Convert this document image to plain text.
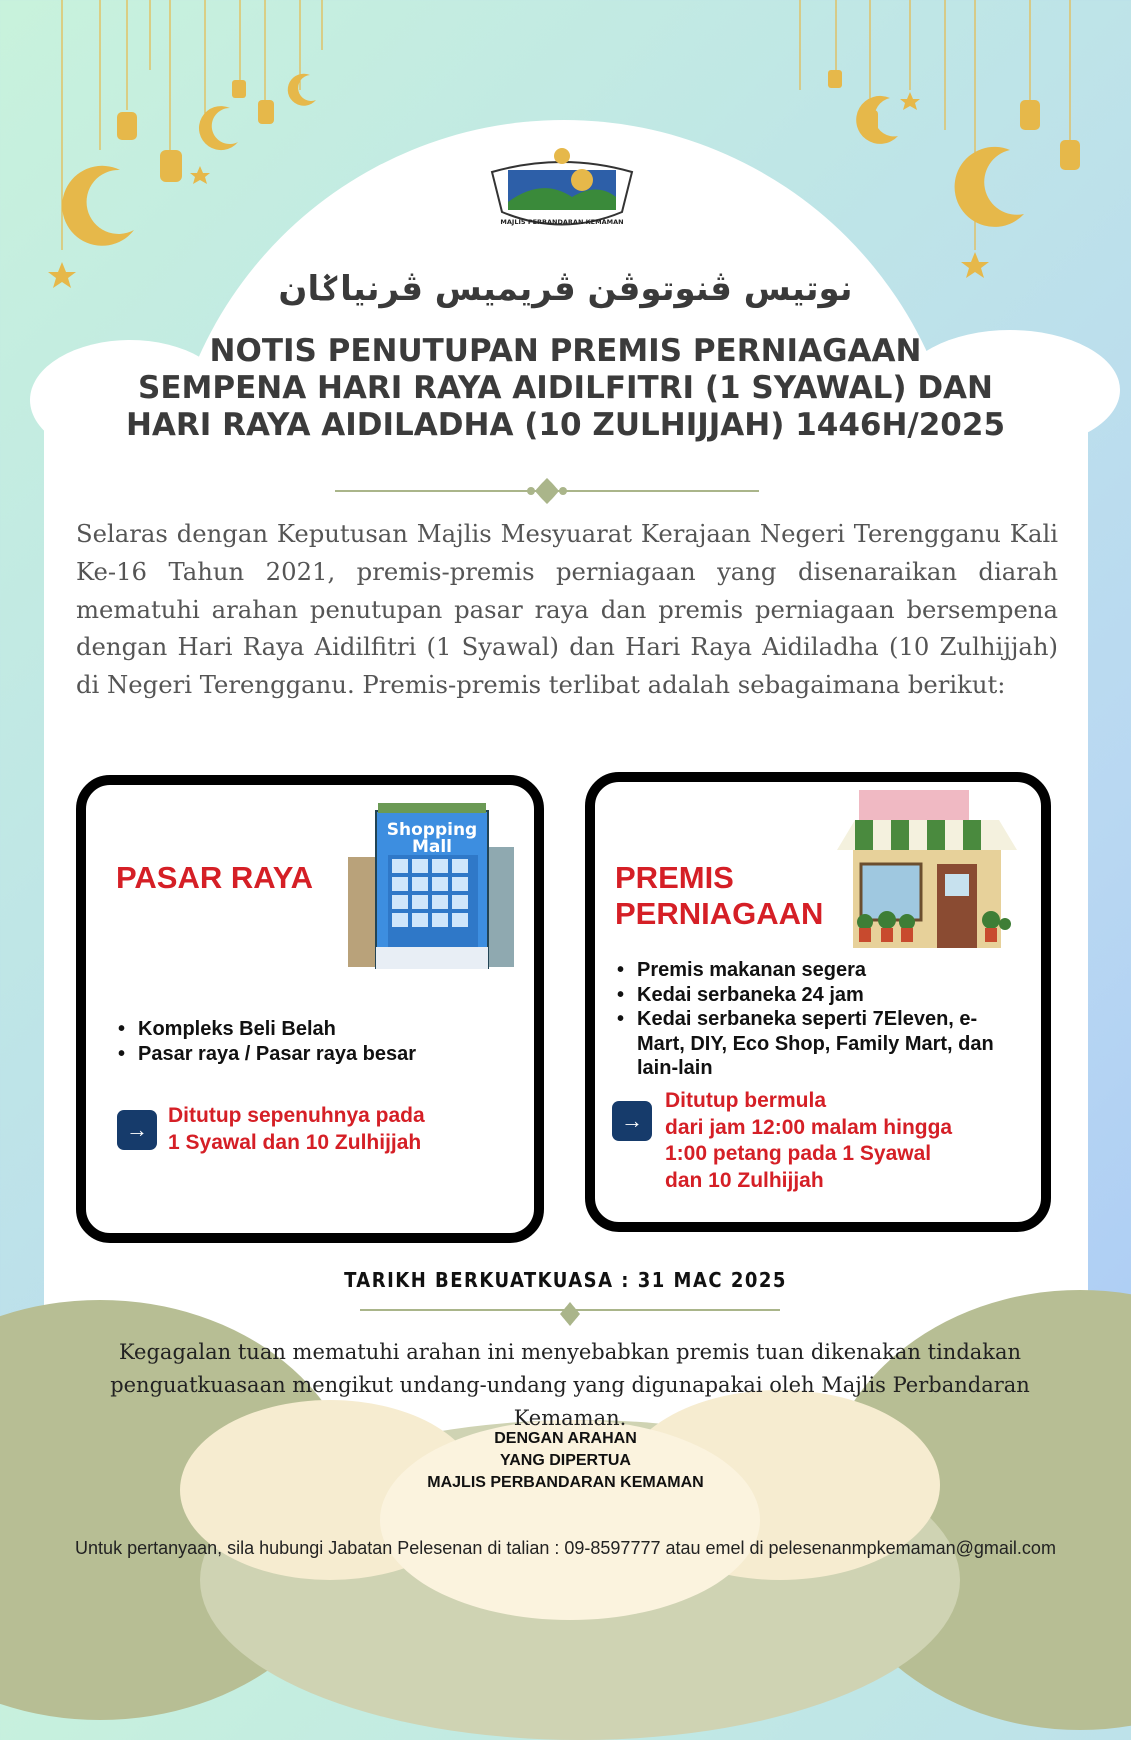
MAJLIS PERBANDARAN KEMAMAN
نوتيس ڤنوتوڤن ڤريميس ڤرنياݢان
NOTIS PENUTUPAN PREMIS PERNIAGAAN
SEMPENA HARI RAYA AIDILFITRI (1 SYAWAL) DAN
HARI RAYA AIDILADHA (10 ZULHIJJAH) 1446H/2025
Selaras dengan Keputusan Majlis Mesyuarat Kerajaan Negeri Terengganu Kali Ke-16 Tahun 2021, premis-premis perniagaan yang disenaraikan diarah mematuhi arahan penutupan pasar raya dan premis perniagaan bersempena dengan Hari Raya Aidilfitri (1 Syawal) dan Hari Raya Aidiladha (10 Zulhijjah) di Negeri Terengganu. Premis-premis terlibat adalah sebagaimana berikut:
PASAR RAYA
Shopping
Mall
• Kompleks Beli Belah
• Pasar raya / Pasar raya besar
→
Ditutup sepenuhnya pada
1 Syawal dan 10 Zulhijjah
PREMIS
PERNIAGAAN
• Premis makanan segera
• Kedai serbaneka 24 jam
• Kedai serbaneka seperti 7Eleven, e-Mart, DIY, Eco Shop, Family Mart, dan lain-lain
→
Ditutup bermula
dari jam 12:00 malam hingga
1:00 petang pada 1 Syawal
dan 10 Zulhijjah
TARIKH BERKUATKUASA : 31 MAC 2025
Kegagalan tuan mematuhi arahan ini menyebabkan premis tuan dikenakan tindakan penguatkuasaan mengikut undang-undang yang digunapakai oleh Majlis Perbandaran Kemaman.
DENGAN ARAHAN
YANG DIPERTUA
MAJLIS PERBANDARAN KEMAMAN
Untuk pertanyaan, sila hubungi Jabatan Pelesenan di talian : 09-8597777 atau emel di pelesenanmpkemaman@gmail.com
